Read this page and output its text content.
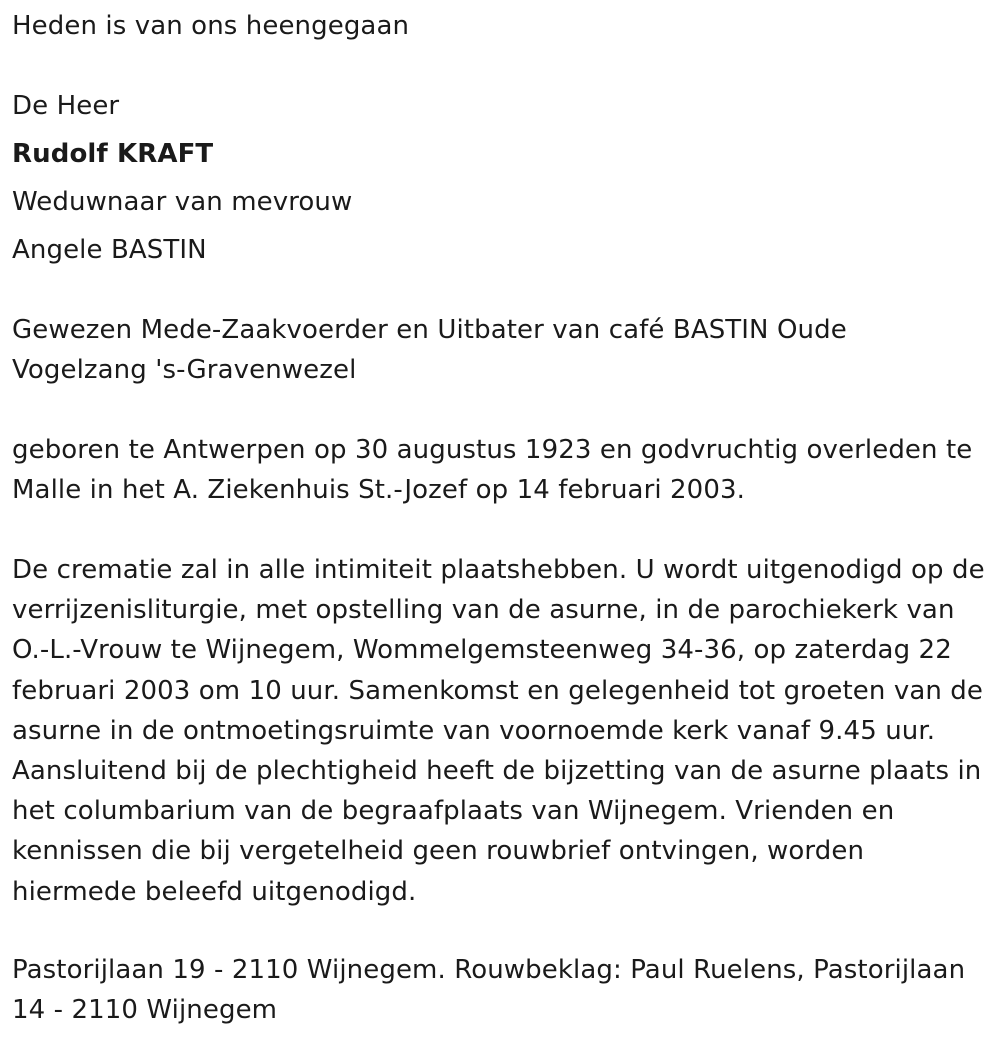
Heden is van ons heengegaan
De Heer
Rudolf KRAFT
Weduwnaar van mevrouw
Angele BASTIN
Gewezen Mede-Zaakvoerder en Uitbater van café BASTIN Oude Vogelzang 's-Gravenwezel
geboren te Antwerpen op 30 augustus 1923 en godvruchtig overleden te Malle in het A. Ziekenhuis St.-Jozef op 14 februari 2003.
De crematie zal in alle intimiteit plaatshebben. U wordt uitgenodigd op de verrijzenisliturgie, met opstelling van de asurne, in de parochiekerk van O.-L.-Vrouw te Wijnegem, Wommelgemsteenweg 34-36, op zaterdag 22 februari 2003 om 10 uur. Samenkomst en gelegenheid tot groeten van de asurne in de ontmoetingsruimte van voornoemde kerk vanaf 9.45 uur. Aansluitend bij de plechtigheid heeft de bijzetting van de asurne plaats in het columbarium van de begraafplaats van Wijnegem. Vrienden en kennissen die bij vergetelheid geen rouwbrief ontvingen, worden hiermede beleefd uitgenodigd.
Pastorijlaan 19 - 2110 Wijnegem. Rouwbeklag: Paul Ruelens, Pastorijlaan 14 - 2110 Wijnegem
